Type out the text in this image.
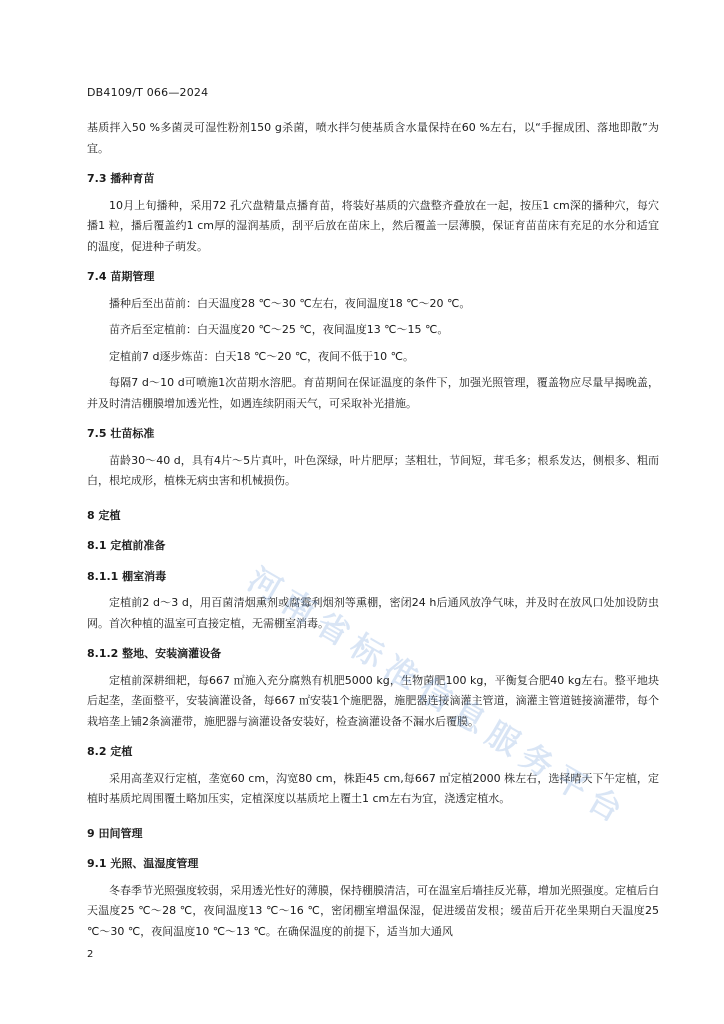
DB4109/T 066—2024

基质拌入50 %多菌灵可湿性粉剂150 g杀菌，喷水拌匀使基质含水量保持在60 %左右，以“手握成团、落地即散”为宜。

7.3 播种育苗

10月上旬播种，采用72 孔穴盘精量点播育苗，将装好基质的穴盘整齐叠放在一起，按压1 cm深的播种穴，每穴播1 粒，播后覆盖约1 cm厚的湿润基质，刮平后放在苗床上，然后覆盖一层薄膜，保证育苗苗床有充足的水分和适宜的温度，促进种子萌发。

7.4 苗期管理

播种后至出苗前：白天温度28 ℃～30 ℃左右，夜间温度18 ℃～20 ℃。

苗齐后至定植前：白天温度20 ℃～25 ℃，夜间温度13 ℃～15 ℃。

定植前7 d逐步炼苗：白天18 ℃～20 ℃，夜间不低于10 ℃。

每隔7 d～10 d可喷施1次苗期水溶肥。育苗期间在保证温度的条件下，加强光照管理，覆盖物应尽量早揭晚盖，并及时清洁棚膜增加透光性，如遇连续阴雨天气，可采取补光措施。

7.5 壮苗标准

苗龄30～40 d，具有4片～5片真叶，叶色深绿，叶片肥厚；茎粗壮，节间短，茸毛多；根系发达，侧根多、粗而白，根坨成形，植株无病虫害和机械损伤。

8 定植

8.1 定植前准备

8.1.1 棚室消毒

定植前2 d～3 d，用百菌清烟熏剂或腐霉利烟剂等熏棚，密闭24 h后通风放净气味，并及时在放风口处加设防虫网。首次种植的温室可直接定植，无需棚室消毒。

8.1.2 整地、安装滴灌设备

定植前深耕细耙，每667 ㎡施入充分腐熟有机肥5000 kg，生物菌肥100 kg，平衡复合肥40 kg左右。整平地块后起垄，垄面整平，安装滴灌设备，每667 ㎡安装1个施肥器，施肥器连接滴灌主管道，滴灌主管道链接滴灌带，每个栽培垄上铺2条滴灌带，施肥器与滴灌设备安装好，检查滴灌设备不漏水后覆膜。

8.2 定植

采用高垄双行定植，垄宽60 cm，沟宽80 cm，株距45 cm,每667 ㎡定植2000 株左右，选择晴天下午定植，定植时基质坨周围覆土略加压实，定植深度以基质坨上覆土1 cm左右为宜，浇透定植水。

9 田间管理

9.1 光照、温湿度管理

冬春季节光照强度较弱，采用透光性好的薄膜，保持棚膜清洁，可在温室后墙挂反光幕，增加光照强度。定植后白天温度25 ℃～28 ℃，夜间温度13 ℃～16 ℃，密闭棚室增温保湿，促进缓苗发根；缓苗后开花坐果期白天温度25 ℃～30 ℃，夜间温度10 ℃～13 ℃。在确保温度的前提下，适当加大通风

河
南
省
标
准
信
息
服
务
平
台
2
